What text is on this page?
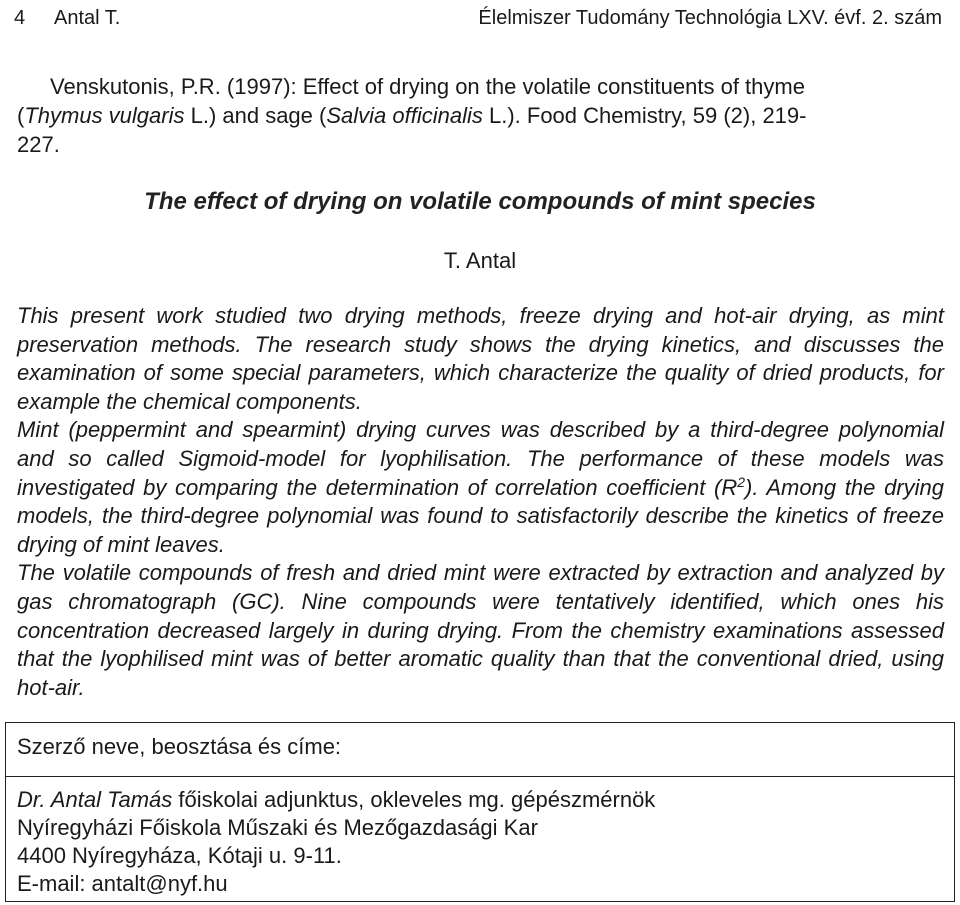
4 Antal T.	Élelmiszer Tudomány Technológia LXV. évf. 2. szám
Venskutonis, P.R. (1997): Effect of drying on the volatile constituents of thyme
(Thymus vulgaris L.) and sage (Salvia officinalis L.). Food Chemistry, 59 (2), 219-
227.
The effect of drying on volatile compounds of mint species
T. Antal

This present work studied two drying methods, freeze drying and hot-air drying, as mint preservation methods. The research study shows the drying kinetics, and discusses the examination of some special parameters, which characterize the quality of dried products, for example the chemical components.

Mint (peppermint and spearmint) drying curves was described by a third-degree polynomial and so called Sigmoid-model for lyophilisation. The performance of these models was investigated by comparing the determination of correlation coefficient $(R^2)$. Among the drying models, the third-degree polynomial was found to satisfactorily describe the kinetics of freeze drying of mint leaves.

The volatile compounds of fresh and dried mint were extracted by extraction and analyzed by gas chromatograph (GC). Nine compounds were tentatively identified, which ones his concentration decreased largely in during drying. From the chemistry examinations assessed that the lyophilised mint was of better aromatic quality than that the conventional dried, using hot-air.

Szerző neve, beosztása és címe:
Dr. Antal Tamás főiskolai adjunktus, okleveles mg. gépészmérnök
Nyíregyházi Főiskola Műszaki és Mezőgazdasági Kar
4400 Nyíregyháza, Kótaji u. 9-11.
E-mail: antalt@nyf.hu
